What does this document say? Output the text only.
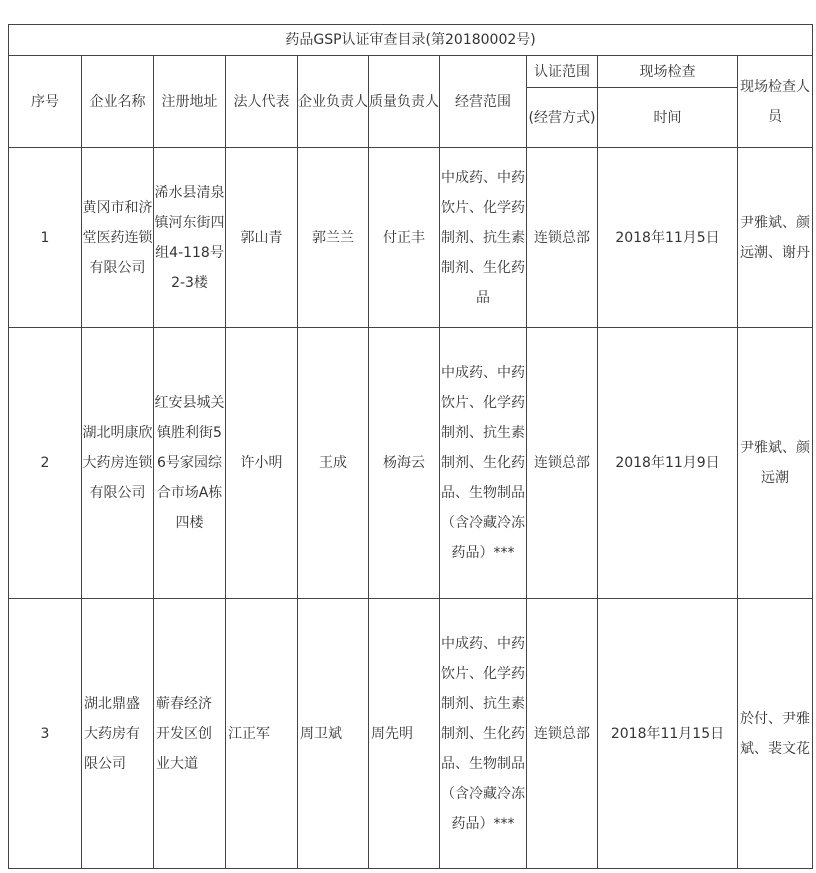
药品GSP认证审查目录(第20180002号)									
序号	企业名称	注册地址	法人代表	企业负责人	质量负责人	经营范围	认证范围	现场检查	现场检查人员
							(经营方式)	时间	
1	黄冈市和济堂医药连锁有限公司	浠水县清泉镇河东街四组4-118号2-3楼	郭山青	郭兰兰	付正丰	中成药、中药饮片、化学药制剂、抗生素制剂、生化药品	连锁总部	2018年11月5日	尹雅斌、颜远潮、谢丹
2	湖北明康欣大药房连锁有限公司	红安县城关镇胜利街56号家园综合市场A栋四楼	许小明	王成	杨海云	中成药、中药饮片、化学药制剂、抗生素制剂、生化药品、生物制品（含冷藏冷冻药品）***	连锁总部	2018年11月9日	尹雅斌、颜远潮
3	湖北鼎盛大药房有限公司	蕲春经济开发区创业大道	江正军	周卫斌	周先明	中成药、中药饮片、化学药制剂、抗生素制剂、生化药品、生物制品（含冷藏冷冻药品）***	连锁总部	2018年11月15日	於付、尹雅斌、裴文花
